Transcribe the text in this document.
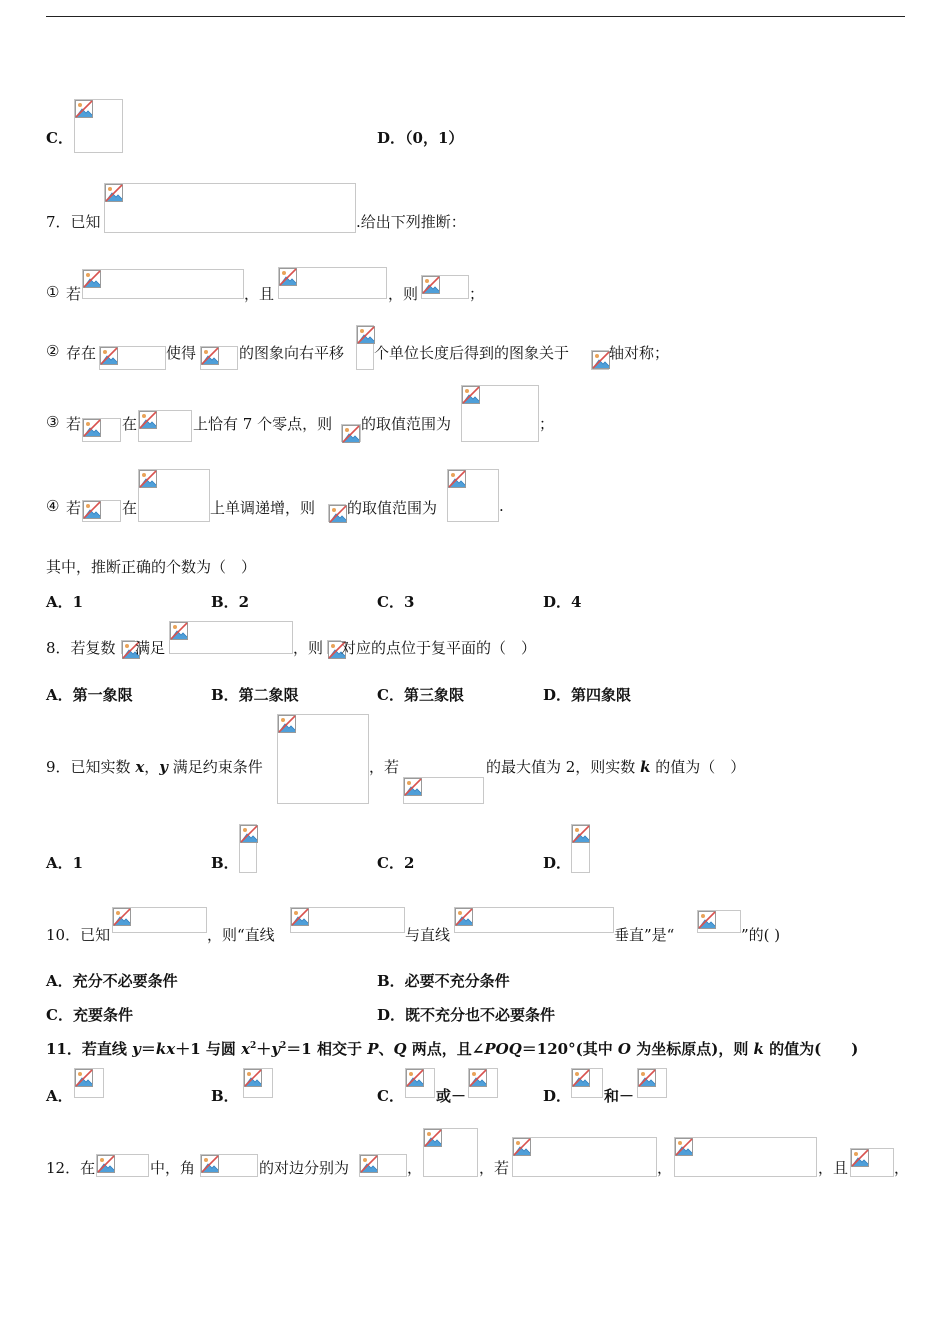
C．	D．（0，1）
7．已知	.给出下列推断：
① 若	，且	，则	；
② 存在	使得	的图象向右平移 个单位长度后得到的图象关于	轴对称；
③ 若	在	上恰有 7 个零点，则 的取值范围为	；
④ 若	在	上单调递增，则 的取值范围为	.
其中，推断正确的个数为（　）
A．1	B．2	C．3	D．4
8．若复数 满足	，则 对应的点位于复平面的（　）
A．第一象限	B．第二象限	C．第三象限	D．第四象限
9．已知实数 x，y 满足约束条件	，若	的最大值为 2，则实数 k 的值为（　）
A．1	B．	C．2	D．
10．已知	，则“直线	与直线	垂直”是“	”的( )
A．充分不必要条件	B．必要不充分条件
C．充要条件	D．既不充分也不必要条件
11．若直线 y＝kx＋1 与圆 $x^2+y^2=1$ 相交于 P、Q 两点，且∠POQ＝120°(其中 O 为坐标原点)，则 k 的值为(　　)
A．	B．	C． 或－	D． 和－
12．在	中，角	的对边分别为	，	，若	，	，且	，
